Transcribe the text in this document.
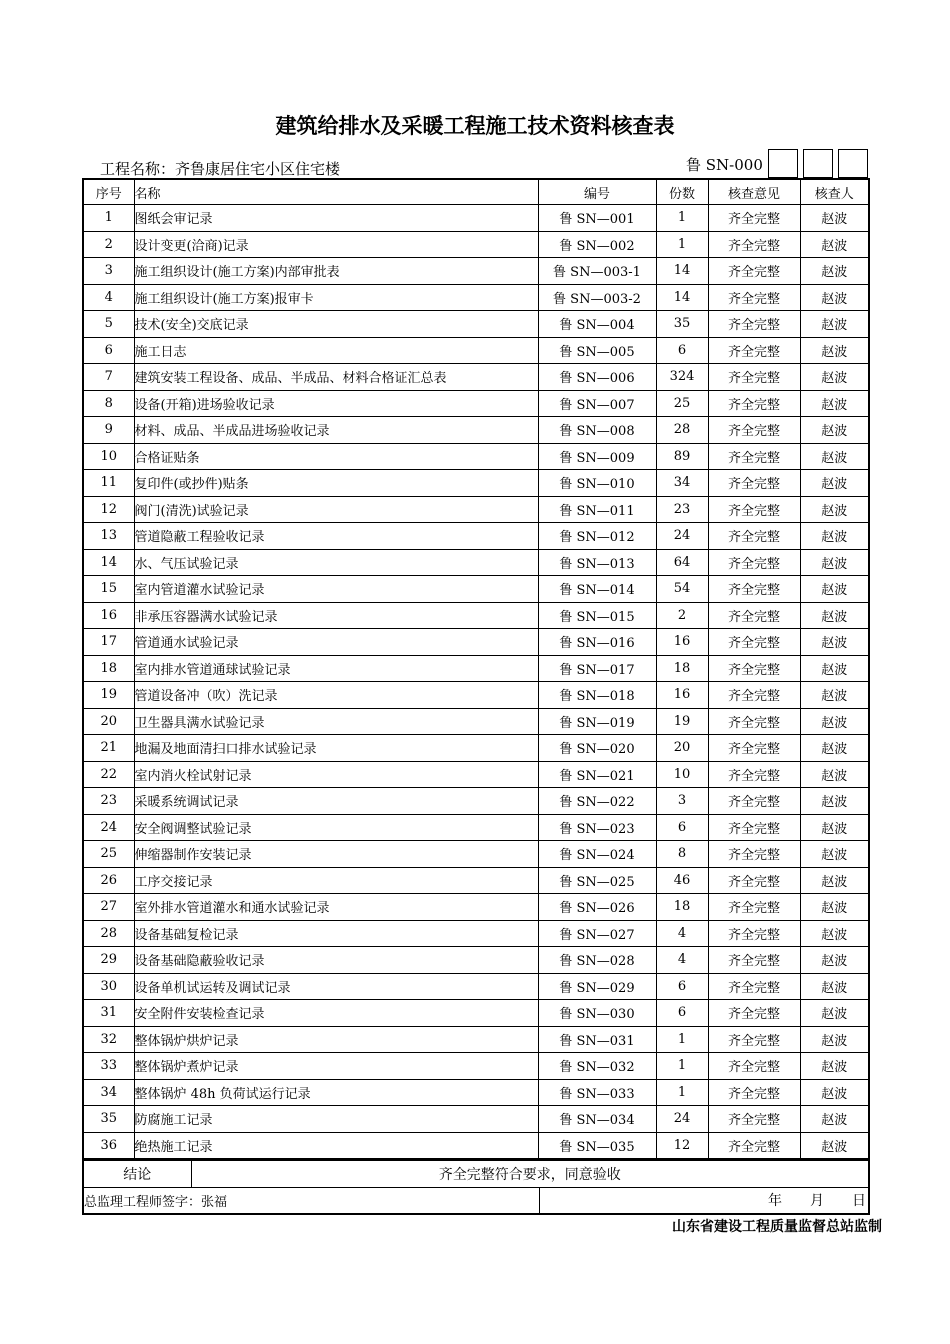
建筑给排水及采暖工程施工技术资料核查表
工程名称：齐鲁康居住宅小区住宅楼	鲁 SN-000
序号	名称	编号	份数	核查意见	核查人
1	图纸会审记录	鲁 SN—001	1	齐全完整	赵波
2	设计变更(洽商)记录	鲁 SN—002	1	齐全完整	赵波
3	施工组织设计(施工方案)内部审批表	鲁 SN—003-1	14	齐全完整	赵波
4	施工组织设计(施工方案)报审卡	鲁 SN—003-2	14	齐全完整	赵波
5	技术(安全)交底记录	鲁 SN—004	35	齐全完整	赵波
6	施工日志	鲁 SN—005	6	齐全完整	赵波
7	建筑安装工程设备、成品、半成品、材料合格证汇总表	鲁 SN—006	324	齐全完整	赵波
8	设备(开箱)进场验收记录	鲁 SN—007	25	齐全完整	赵波
9	材料、成品、半成品进场验收记录	鲁 SN—008	28	齐全完整	赵波
10	合格证贴条	鲁 SN—009	89	齐全完整	赵波
11	复印件(或抄件)贴条	鲁 SN—010	34	齐全完整	赵波
12	阀门(清洗)试验记录	鲁 SN—011	23	齐全完整	赵波
13	管道隐蔽工程验收记录	鲁 SN—012	24	齐全完整	赵波
14	水、气压试验记录	鲁 SN—013	64	齐全完整	赵波
15	室内管道灌水试验记录	鲁 SN—014	54	齐全完整	赵波
16	非承压容器满水试验记录	鲁 SN—015	2	齐全完整	赵波
17	管道通水试验记录	鲁 SN—016	16	齐全完整	赵波
18	室内排水管道通球试验记录	鲁 SN—017	18	齐全完整	赵波
19	管道设备冲（吹）洗记录	鲁 SN—018	16	齐全完整	赵波
20	卫生器具满水试验记录	鲁 SN—019	19	齐全完整	赵波
21	地漏及地面清扫口排水试验记录	鲁 SN—020	20	齐全完整	赵波
22	室内消火栓试射记录	鲁 SN—021	10	齐全完整	赵波
23	采暖系统调试记录	鲁 SN—022	3	齐全完整	赵波
24	安全阀调整试验记录	鲁 SN—023	6	齐全完整	赵波
25	伸缩器制作安装记录	鲁 SN—024	8	齐全完整	赵波
26	工序交接记录	鲁 SN—025	46	齐全完整	赵波
27	室外排水管道灌水和通水试验记录	鲁 SN—026	18	齐全完整	赵波
28	设备基础复检记录	鲁 SN—027	4	齐全完整	赵波
29	设备基础隐蔽验收记录	鲁 SN—028	4	齐全完整	赵波
30	设备单机试运转及调试记录	鲁 SN—029	6	齐全完整	赵波
31	安全附件安装检查记录	鲁 SN—030	6	齐全完整	赵波
32	整体锅炉烘炉记录	鲁 SN—031	1	齐全完整	赵波
33	整体锅炉煮炉记录	鲁 SN—032	1	齐全完整	赵波
34	整体锅炉 48h 负荷试运行记录	鲁 SN—033	1	齐全完整	赵波
35	防腐施工记录	鲁 SN—034	24	齐全完整	赵波
36	绝热施工记录	鲁 SN—035	12	齐全完整	赵波
结论	齐全完整符合要求，同意验收	
总监理工程师签字：张福		年　　月　　日
山东省建设工程质量监督总站监制
